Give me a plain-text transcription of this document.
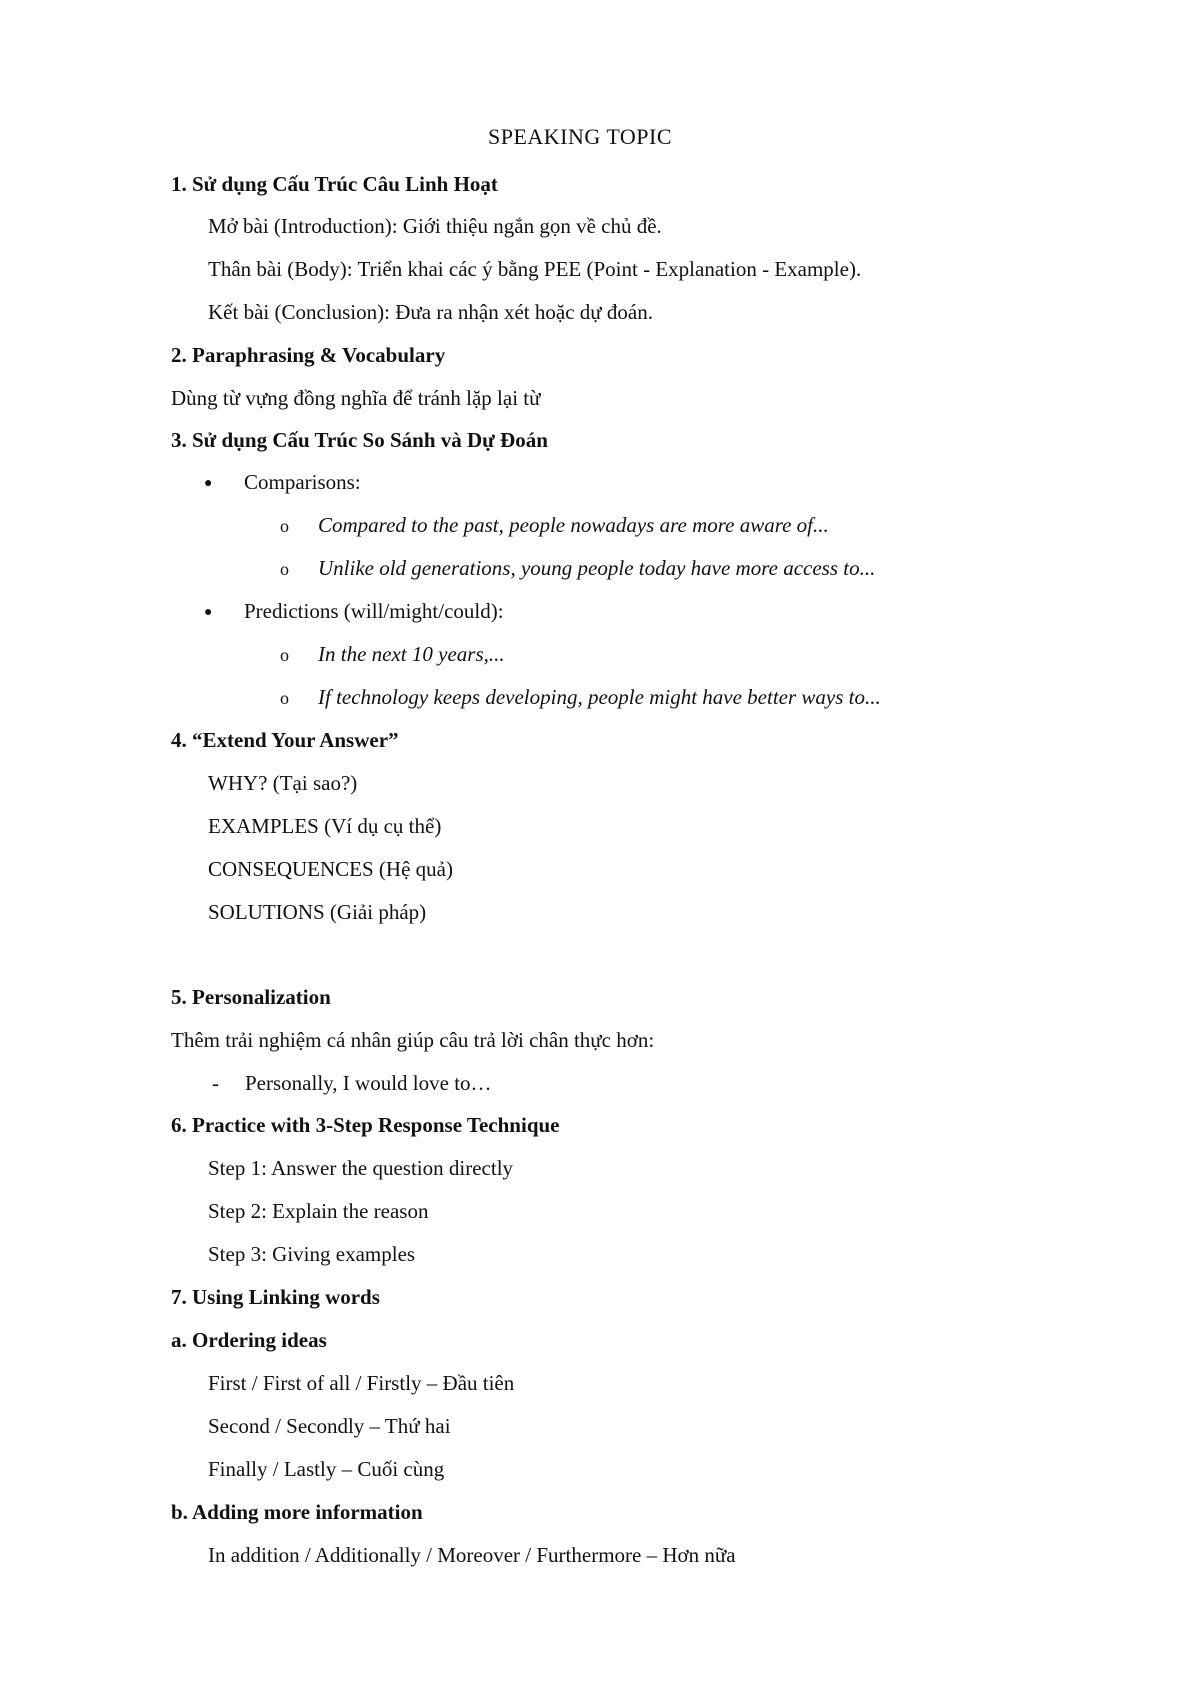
SPEAKING TOPIC
1. Sử dụng Cấu Trúc Câu Linh Hoạt
Mở bài (Introduction): Giới thiệu ngắn gọn về chủ đề.
Thân bài (Body): Triển khai các ý bằng PEE (Point - Explanation - Example).
Kết bài (Conclusion): Đưa ra nhận xét hoặc dự đoán.
2. Paraphrasing & Vocabulary
Dùng từ vựng đồng nghĩa để tránh lặp lại từ
3. Sử dụng Cấu Trúc So Sánh và Dự Đoán
● Comparisons:
o Compared to the past, people nowadays are more aware of...
o Unlike old generations, young people today have more access to...
● Predictions (will/might/could):
o In the next 10 years,...
o If technology keeps developing, people might have better ways to...
4. “Extend Your Answer”
WHY? (Tại sao?)
EXAMPLES (Ví dụ cụ thể)
CONSEQUENCES (Hệ quả)
SOLUTIONS (Giải pháp)
5. Personalization
Thêm trải nghiệm cá nhân giúp câu trả lời chân thực hơn:
- Personally, I would love to…
6. Practice with 3-Step Response Technique
Step 1: Answer the question directly
Step 2: Explain the reason
Step 3: Giving examples
7. Using Linking words
a. Ordering ideas
First / First of all / Firstly – Đầu tiên
Second / Secondly – Thứ hai
Finally / Lastly – Cuối cùng
b. Adding more information
In addition / Additionally / Moreover / Furthermore – Hơn nữa
